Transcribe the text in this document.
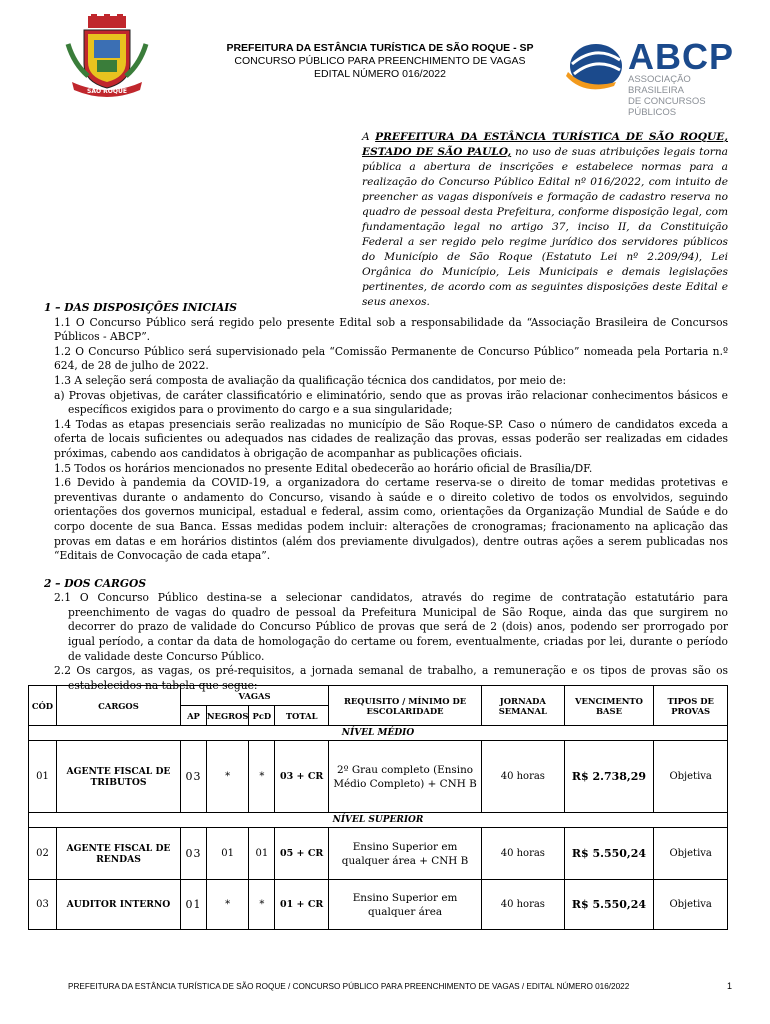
SÃO ROQUE
PREFEITURA DA ESTÂNCIA TURÍSTICA DE SÃO ROQUE - SP
CONCURSO PÚBLICO PARA PREENCHIMENTO DE VAGAS
EDITAL NÚMERO 016/2022	ABCP
ASSOCIAÇÃO BRASILEIRA
DE CONCURSOS PÚBLICOS
A PREFEITURA DA ESTÂNCIA TURÍSTICA DE SÃO ROQUE, ESTADO DE SÃO PAULO, no uso de suas atribuições legais torna pública a abertura de inscrições e estabelece normas para a realização do Concurso Público Edital nº 016/2022, com intuito de preencher as vagas disponíveis e formação de cadastro reserva no quadro de pessoal desta Prefeitura, conforme disposição legal, com fundamentação legal no artigo 37, inciso II, da Constituição Federal a ser regido pelo regime jurídico dos servidores públicos do Município de São Roque (Estatuto Lei nº 2.209/94), Lei Orgânica do Município, Leis Municipais e demais legislações pertinentes, de acordo com as seguintes disposições deste Edital e seus anexos.
1 – DAS DISPOSIÇÕES INICIAIS

1.1 O Concurso Público será regido pelo presente Edital sob a responsabilidade da “Associação Brasileira de Concursos Públicos - ABCP”.

1.2 O Concurso Público será supervisionado pela “Comissão Permanente de Concurso Público” nomeada pela Portaria n.º 624, de 28 de julho de 2022.

1.3 A seleção será composta de avaliação da qualificação técnica dos candidatos, por meio de:

a) Provas objetivas, de caráter classificatório e eliminatório, sendo que as provas irão relacionar conhecimentos básicos e específicos exigidos para o provimento do cargo e a sua singularidade;

1.4 Todas as etapas presenciais serão realizadas no município de São Roque-SP. Caso o número de candidatos exceda a oferta de locais suficientes ou adequados nas cidades de realização das provas, essas poderão ser realizadas em cidades próximas, cabendo aos candidatos à obrigação de acompanhar as publicações oficiais.

1.5 Todos os horários mencionados no presente Edital obedecerão ao horário oficial de Brasília/DF.

1.6 Devido à pandemia da COVID-19, a organizadora do certame reserva-se o direito de tomar medidas protetivas e preventivas durante o andamento do Concurso, visando à saúde e o direito coletivo de todos os envolvidos, seguindo orientações dos governos municipal, estadual e federal, assim como, orientações da Organização Mundial de Saúde e do corpo docente de sua Banca. Essas medidas podem incluir: alterações de cronogramas; fracionamento na aplicação das provas em datas e em horários distintos (além dos previamente divulgados), dentre outras ações a serem publicadas nos “Editais de Convocação de cada etapa”.

2 – DOS CARGOS

2.1 O Concurso Público destina-se a selecionar candidatos, através do regime de contratação estatutário para preenchimento de vagas do quadro de pessoal da Prefeitura Municipal de São Roque, ainda das que surgirem no decorrer do prazo de validade do Concurso Público de provas que será de 2 (dois) anos, podendo ser prorrogado por igual período, a contar da data de homologação do certame ou forem, eventualmente, criadas por lei, durante o período de validade deste Concurso Público.

2.2 Os cargos, as vagas, os pré-requisitos, a jornada semanal de trabalho, a remuneração e os tipos de provas são os estabelecidos na tabela que segue:

CÓD	CARGOS	VAGAS				REQUISITO / MÍNIMO DE ESCOLARIDADE	JORNADA SEMANAL	VENCIMENTO BASE	TIPOS DE PROVAS
		AP	NEGROS	PcD	TOTAL				
NÍVEL MÉDIO									
01	AGENTE FISCAL DE TRIBUTOS	03	*	*	03 + CR	2º Grau completo (Ensino Médio Completo) + CNH B	40 horas	R$ 2.738,29	Objetiva
NÍVEL SUPERIOR									
02	AGENTE FISCAL DE RENDAS	03	01	01	05 + CR	Ensino Superior em qualquer área + CNH B	40 horas	R$ 5.550,24	Objetiva
03	AUDITOR INTERNO	01	*	*	01 + CR	Ensino Superior em qualquer área	40 horas	R$ 5.550,24	Objetiva
PREFEITURA DA ESTÂNCIA TURÍSTICA DE SÃO ROQUE / CONCURSO PÚBLICO PARA PREENCHIMENTO DE VAGAS / EDITAL NÚMERO 016/2022	1
